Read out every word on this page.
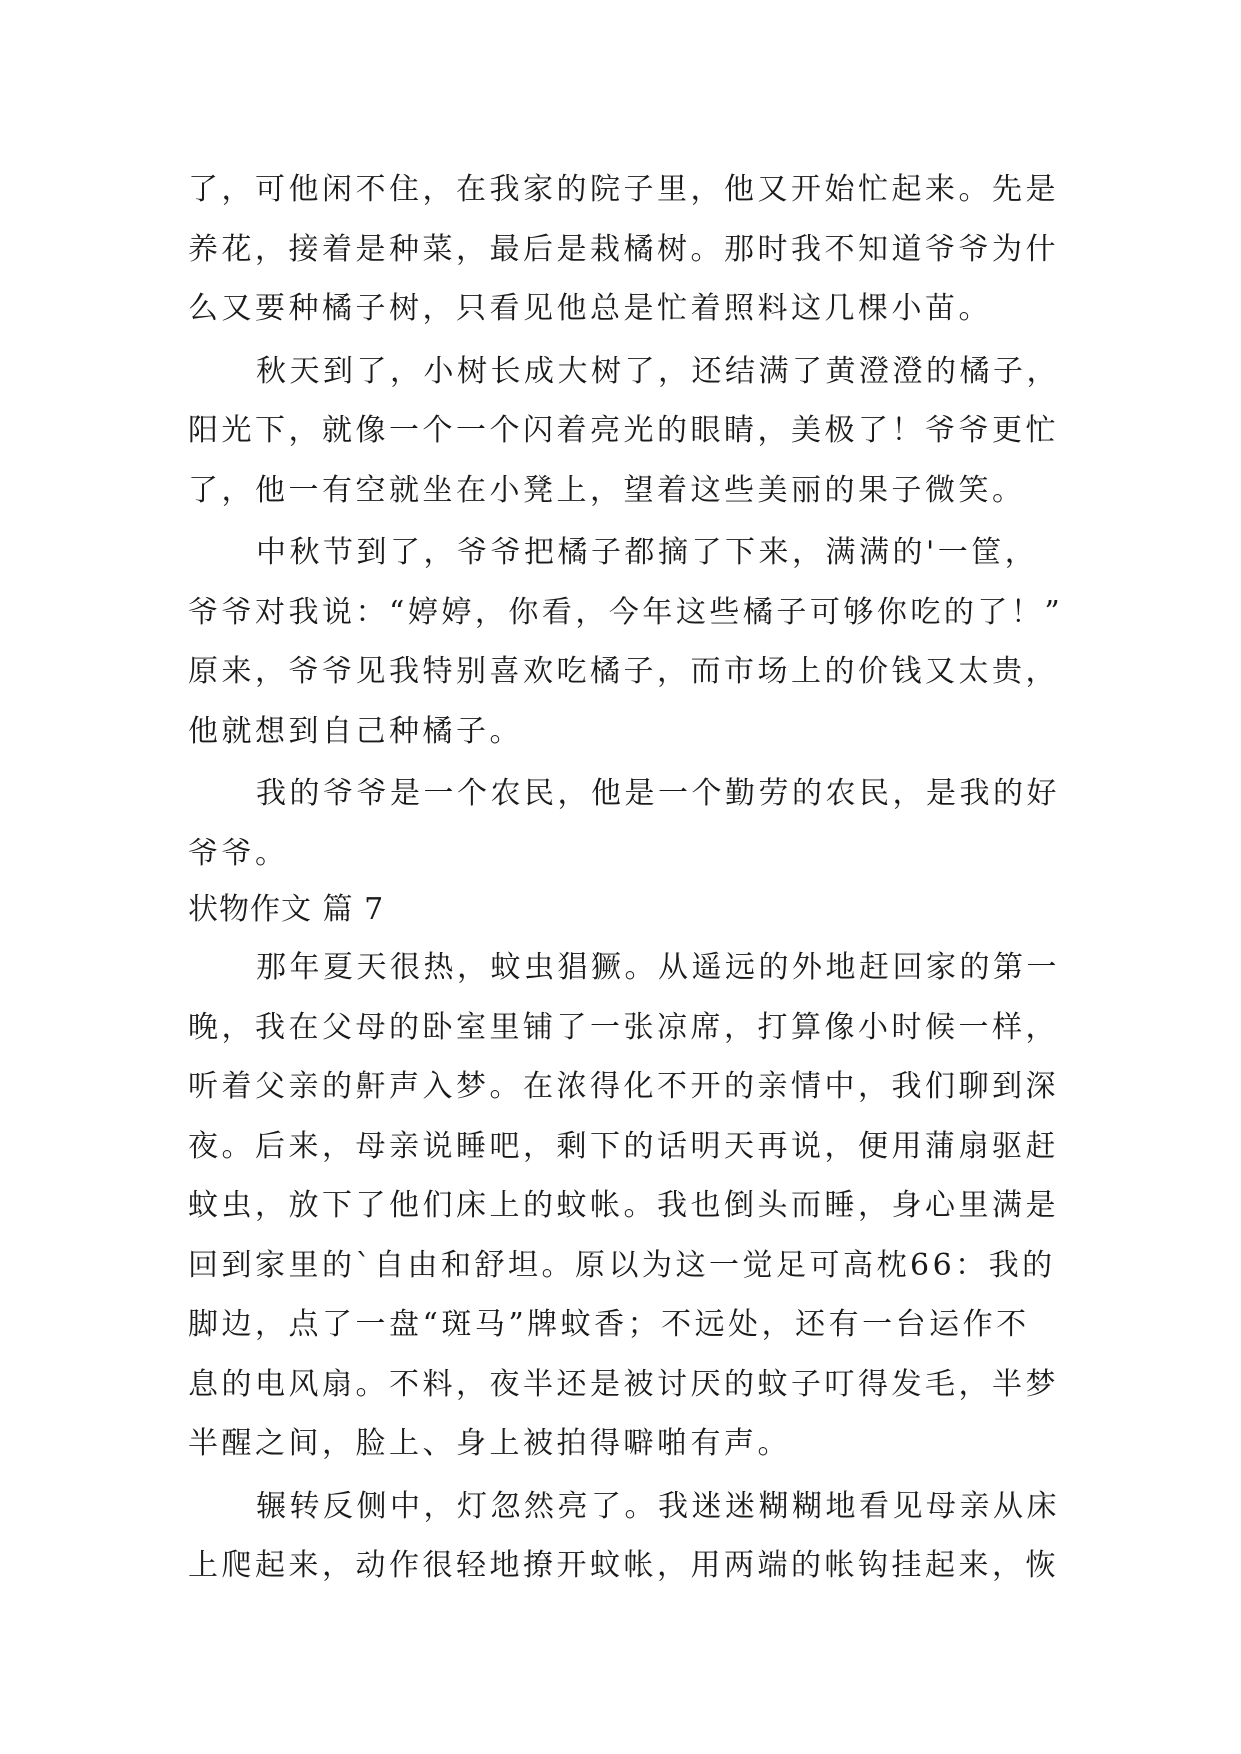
了，可他闲不住，在我家的院子里，他又开始忙起来。先是
养花，接着是种菜，最后是栽橘树。那时我不知道爷爷为什
么又要种橘子树，只看见他总是忙着照料这几棵小苗。
秋天到了，小树长成大树了，还结满了黄澄澄的橘子，
阳光下，就像一个一个闪着亮光的眼睛，美极了！爷爷更忙
了，他一有空就坐在小凳上，望着这些美丽的果子微笑。
中秋节到了，爷爷把橘子都摘了下来，满满的'一筐，
爷爷对我说：“婷婷，你看，今年这些橘子可够你吃的了！”
原来，爷爷见我特别喜欢吃橘子，而市场上的价钱又太贵，
他就想到自己种橘子。
我的爷爷是一个农民，他是一个勤劳的农民，是我的好
爷爷。
状物作文 篇 7
那年夏天很热，蚊虫猖獗。从遥远的外地赶回家的第一
晚，我在父母的卧室里铺了一张凉席，打算像小时候一样，
听着父亲的鼾声入梦。在浓得化不开的亲情中，我们聊到深
夜。后来，母亲说睡吧，剩下的话明天再说，便用蒲扇驱赶
蚊虫，放下了他们床上的蚊帐。我也倒头而睡，身心里满是
回到家里的`自由和舒坦。原以为这一觉足可高枕66：我的
脚边，点了一盘“斑马”牌蚊香；不远处，还有一台运作不
息的电风扇。不料，夜半还是被讨厌的蚊子叮得发毛，半梦
半醒之间，脸上、身上被拍得噼啪有声。
辗转反侧中，灯忽然亮了。我迷迷糊糊地看见母亲从床
上爬起来，动作很轻地撩开蚊帐，用两端的帐钩挂起来，恢
